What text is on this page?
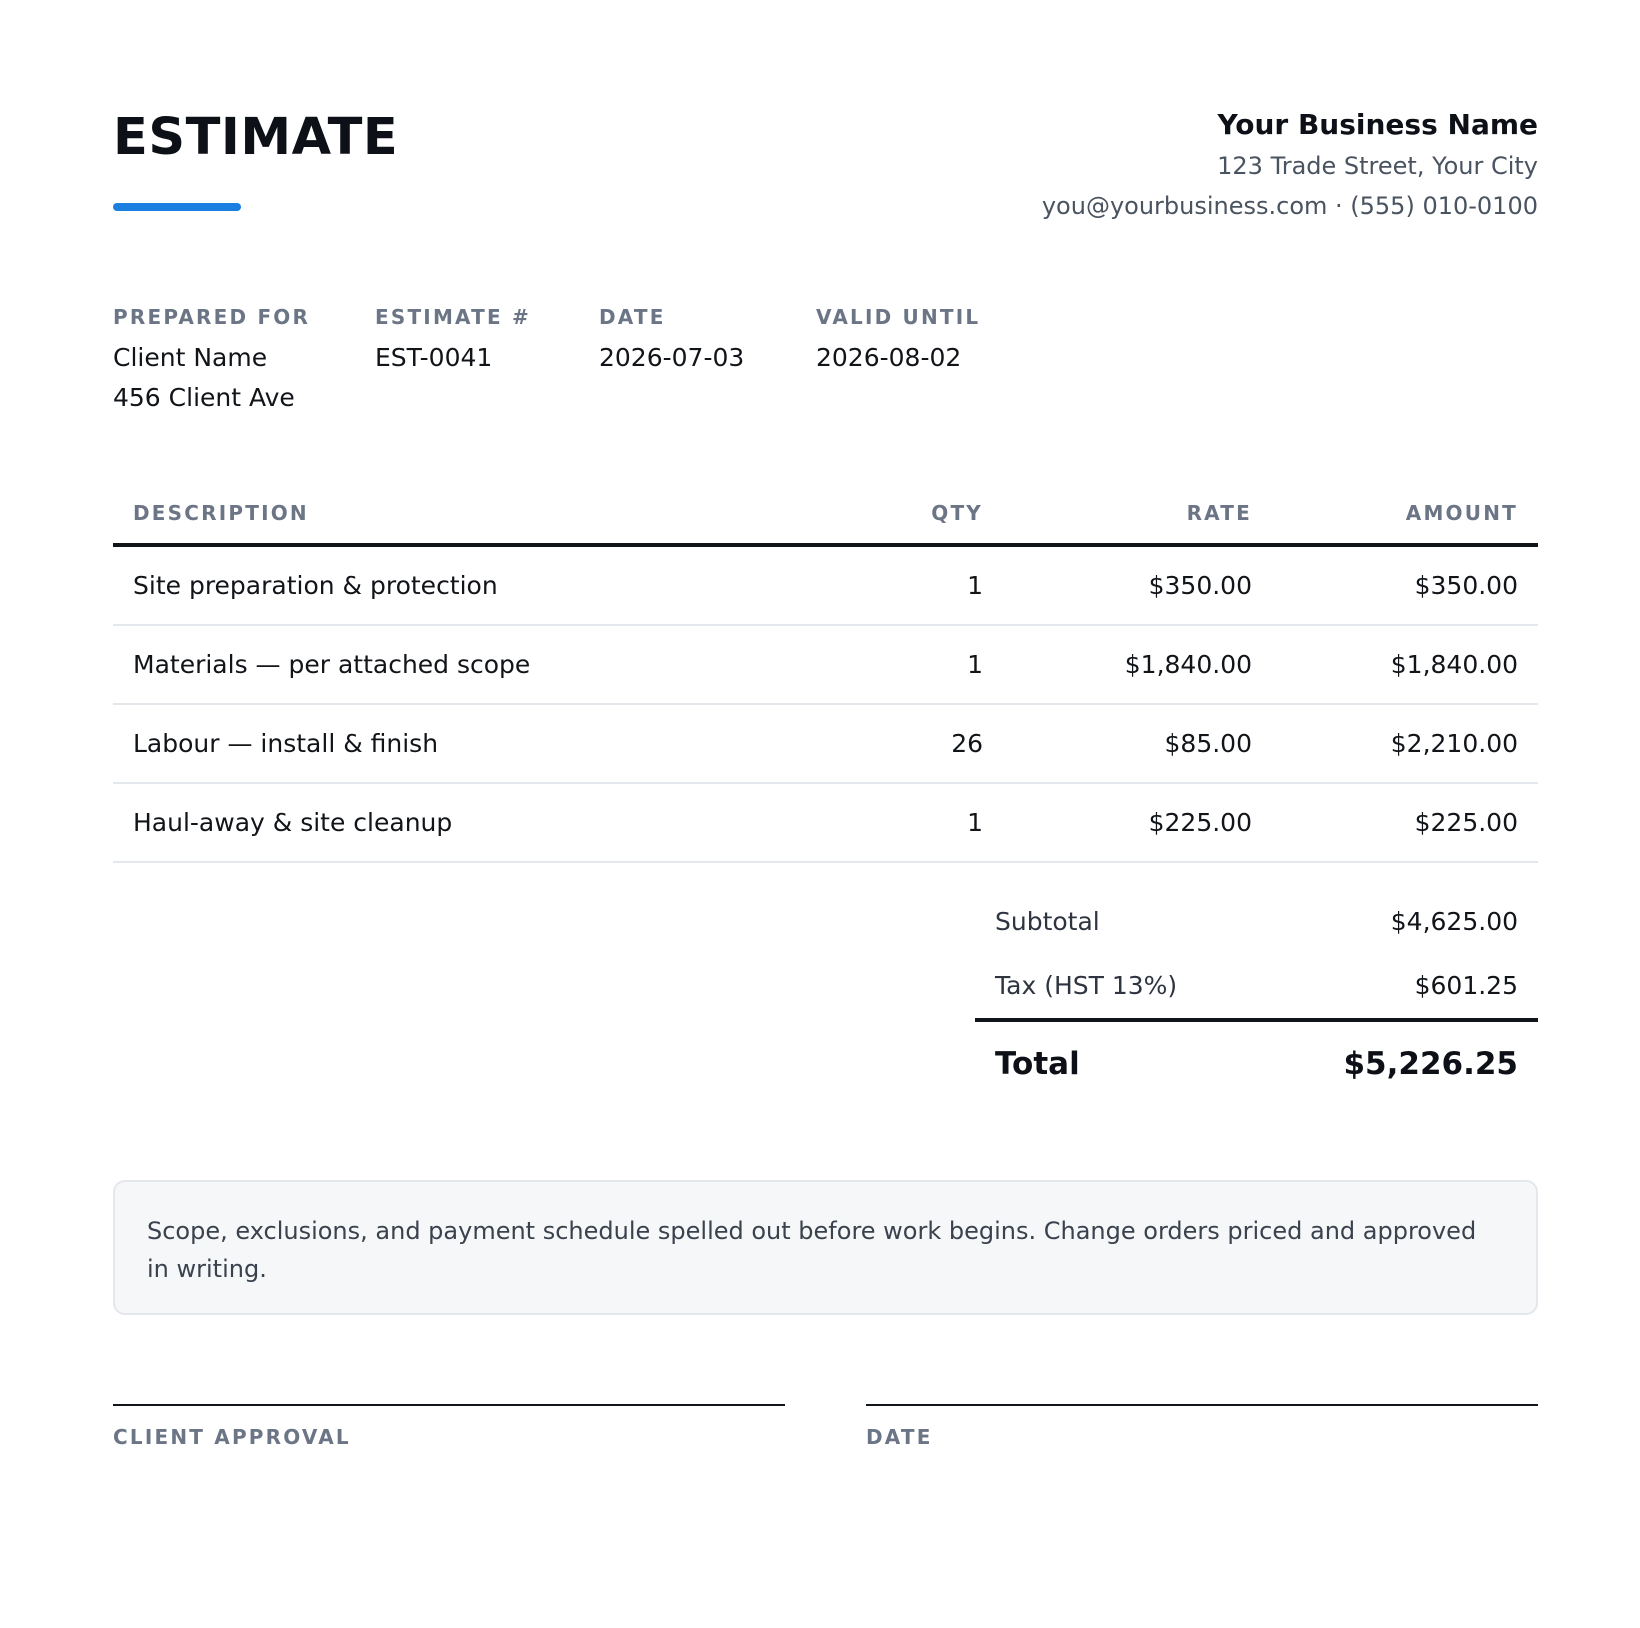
ESTIMATE	Your Business Name
123 Trade Street, Your City
you@yourbusiness.com · (555) 010-0100
PREPARED FOR
Client Name
456 Client Ave
ESTIMATE #
EST-0041
DATE
2026-07-03
VALID UNTIL
2026-08-02
DESCRIPTION	QTY	RATE	AMOUNT
Site preparation & protection	1	$350.00	$350.00
Materials — per attached scope	1	$1,840.00	$1,840.00
Labour — install & finish	26	$85.00	$2,210.00
Haul-away & site cleanup	1	$225.00	$225.00
Subtotal	$4,625.00
Tax (HST 13%)	$601.25
Total	$5,226.25
Scope, exclusions, and payment schedule spelled out before work begins. Change orders priced and approved in writing.
CLIENT APPROVAL	DATE
